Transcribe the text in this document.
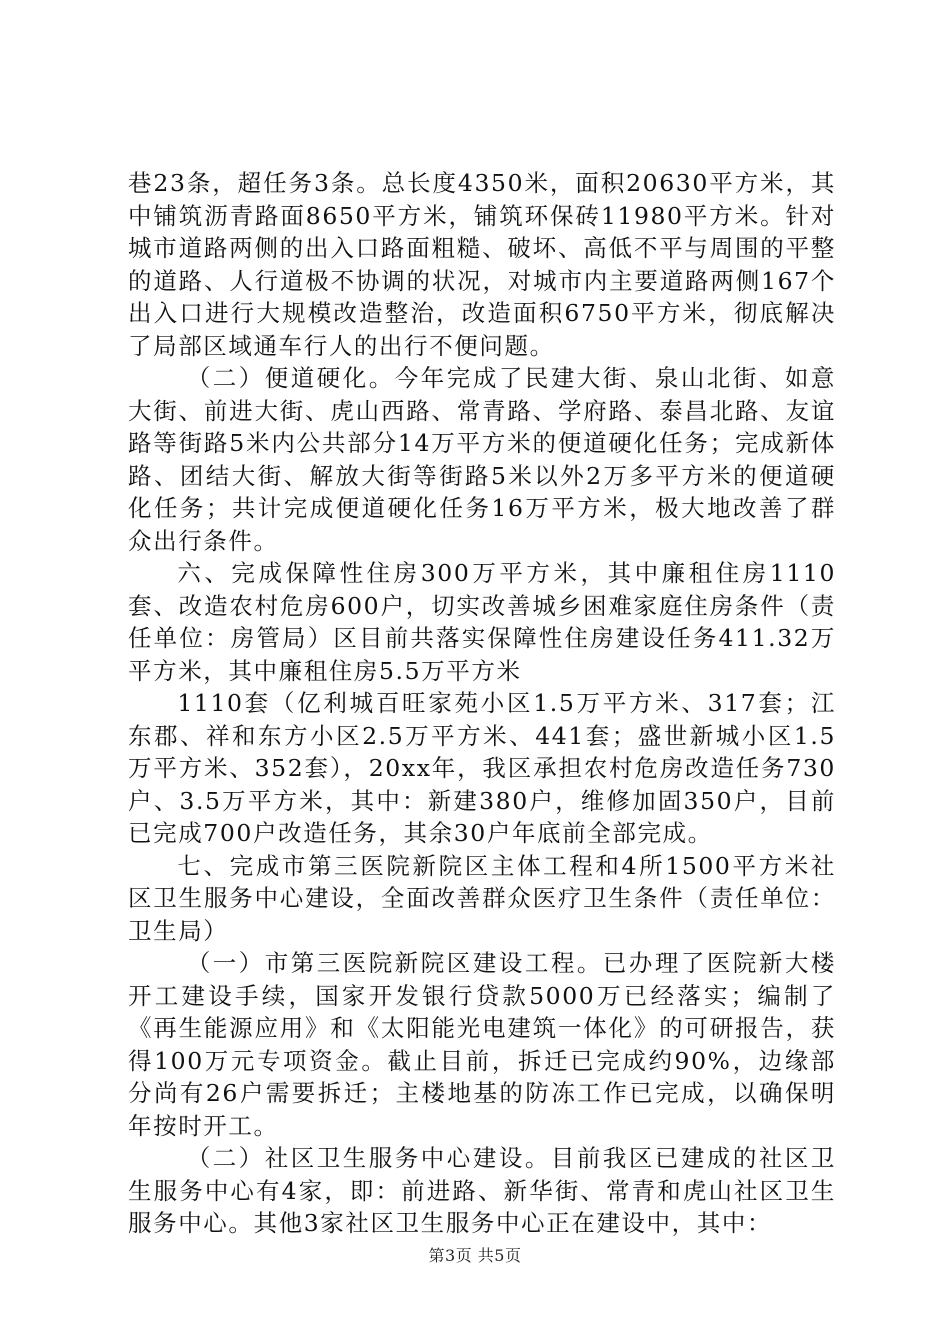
巷23条，超任务3条。总长度4350米，面积20630平方米，其中铺筑沥青路面8650平方米，铺筑环保砖11980平方米。针对城市道路两侧的出入口路面粗糙、破坏、高低不平与周围的平整的道路、人行道极不协调的状况，对城市内主要道路两侧167个出入口进行大规模改造整治，改造面积6750平方米，彻底解决了局部区域通车行人的出行不便问题。

（二）便道硬化。今年完成了民建大街、泉山北街、如意大街、前进大街、虎山西路、常青路、学府路、泰昌北路、友谊路等街路5米内公共部分14万平方米的便道硬化任务；完成新体路、团结大街、解放大街等街路5米以外2万多平方米的便道硬化任务；共计完成便道硬化任务16万平方米，极大地改善了群众出行条件。

六、完成保障性住房300万平方米，其中廉租住房1110套、改造农村危房600户，切实改善城乡困难家庭住房条件（责任单位：房管局）区目前共落实保障性住房建设任务411.32万平方米，其中廉租住房5.5万平方米

1110套（亿利城百旺家苑小区1.5万平方米、317套；江东郡、祥和东方小区2.5万平方米、441套；盛世新城小区1.5万平方米、352套），20xx年，我区承担农村危房改造任务730户、3.5万平方米，其中：新建380户，维修加固350户，目前已完成700户改造任务，其余30户年底前全部完成。

七、完成市第三医院新院区主体工程和4所1500平方米社区卫生服务中心建设，全面改善群众医疗卫生条件（责任单位：卫生局）

（一）市第三医院新院区建设工程。已办理了医院新大楼开工建设手续，国家开发银行贷款5000万已经落实；编制了《再生能源应用》和《太阳能光电建筑一体化》的可研报告，获得100万元专项资金。截止目前，拆迁已完成约90%，边缘部分尚有26户需要拆迁；主楼地基的防冻工作已完成，以确保明年按时开工。

（二）社区卫生服务中心建设。目前我区已建成的社区卫生服务中心有4家，即：前进路、新华街、常青和虎山社区卫生服务中心。其他3家社区卫生服务中心正在建设中，其中：

第3页 共5页
